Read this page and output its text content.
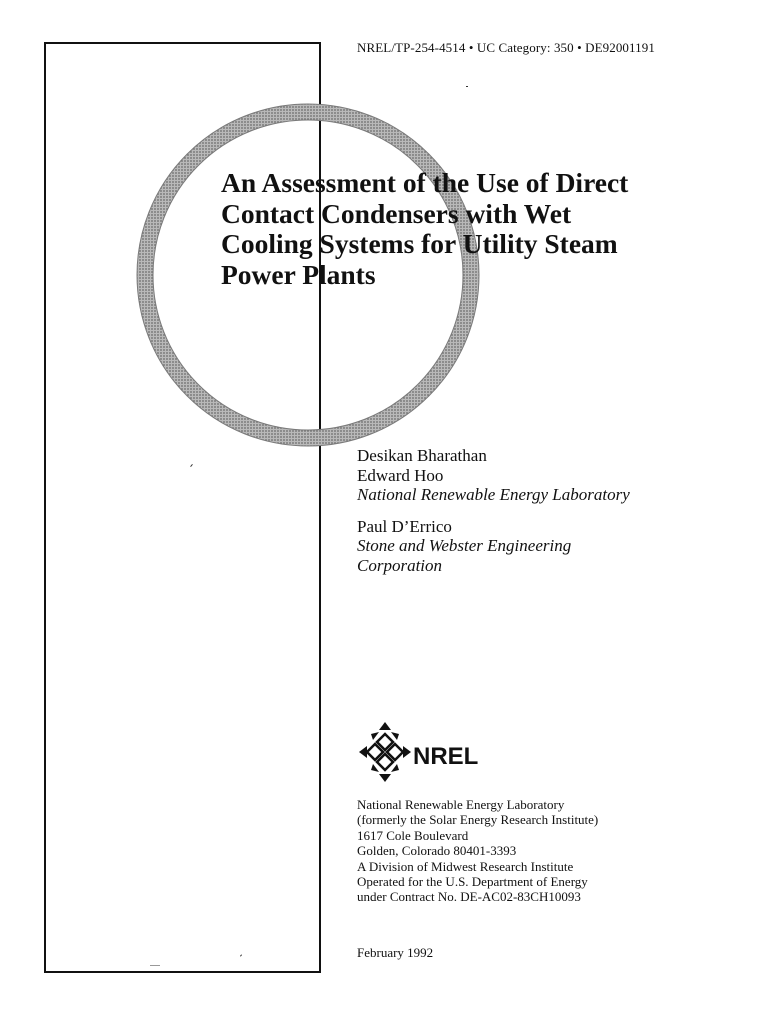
NREL/TP-254-4514 • UC Category: 350 • DE92001191
An Assessment of the Use of Direct
Contact Condensers with Wet
Cooling Systems for Utility Steam
Power Plants
Desikan Bharathan
Edward Hoo
National Renewable Energy Laboratory
Paul D’Errico
Stone and Webster Engineering
Corporation
NREL
National Renewable Energy Laboratory
(formerly the Solar Energy Research Institute)
1617 Cole Boulevard
Golden, Colorado 80401-3393
A Division of Midwest Research Institute
Operated for the U.S. Department of Energy
under Contract No. DE-AC02-83CH10093
February 1992
